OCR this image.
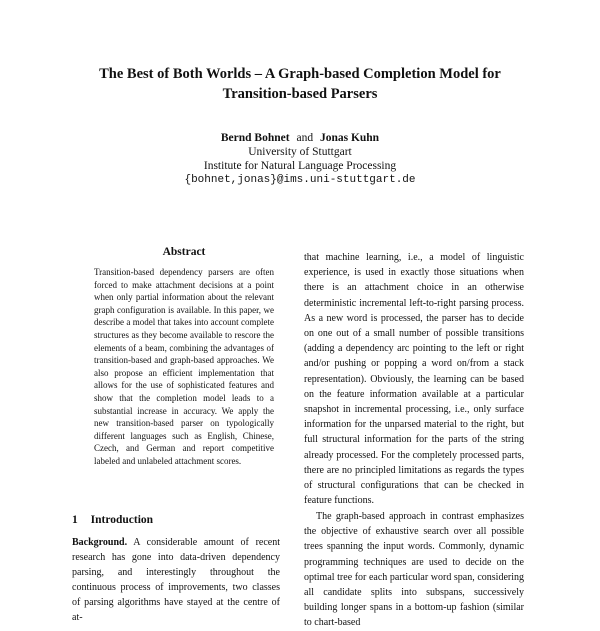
The Best of Both Worlds – A Graph-based Completion Model for
Transition-based Parsers
Bernd Bohnet and Jonas Kuhn
University of Stuttgart
Institute for Natural Language Processing
{bohnet,jonas}@ims.uni-stuttgart.de
Abstract
Transition-based dependency parsers are often forced to make attachment decisions at a point when only partial information about the relevant graph configuration is available. In this paper, we describe a model that takes into account complete structures as they become available to rescore the elements of a beam, combining the advantages of transition-based and graph-based approaches. We also propose an efficient implementation that allows for the use of sophisticated features and show that the completion model leads to a substantial increase in accuracy. We apply the new transition-based parser on typologically different languages such as English, Chinese, Czech, and German and report competitive labeled and unlabeled attachment scores.
1 Introduction
Background. A considerable amount of recent research has gone into data-driven dependency parsing, and interestingly throughout the continuous process of improvements, two classes of parsing algorithms have stayed at the centre of at-
that machine learning, i.e., a model of linguistic experience, is used in exactly those situations when there is an attachment choice in an otherwise deterministic incremental left-to-right parsing process. As a new word is processed, the parser has to decide on one out of a small number of possible transitions (adding a dependency arc pointing to the left or right and/or pushing or popping a word on/from a stack representation). Obviously, the learning can be based on the feature information available at a particular snapshot in incremental processing, i.e., only surface information for the unparsed material to the right, but full structural information for the parts of the string already processed. For the completely processed parts, there are no principled limitations as regards the types of structural configurations that can be checked in feature functions.
The graph-based approach in contrast emphasizes the objective of exhaustive search over all possible trees spanning the input words. Commonly, dynamic programming techniques are used to decide on the optimal tree for each particular word span, considering all candidate splits into subspans, successively building longer spans in a bottom-up fashion (similar to chart-based
